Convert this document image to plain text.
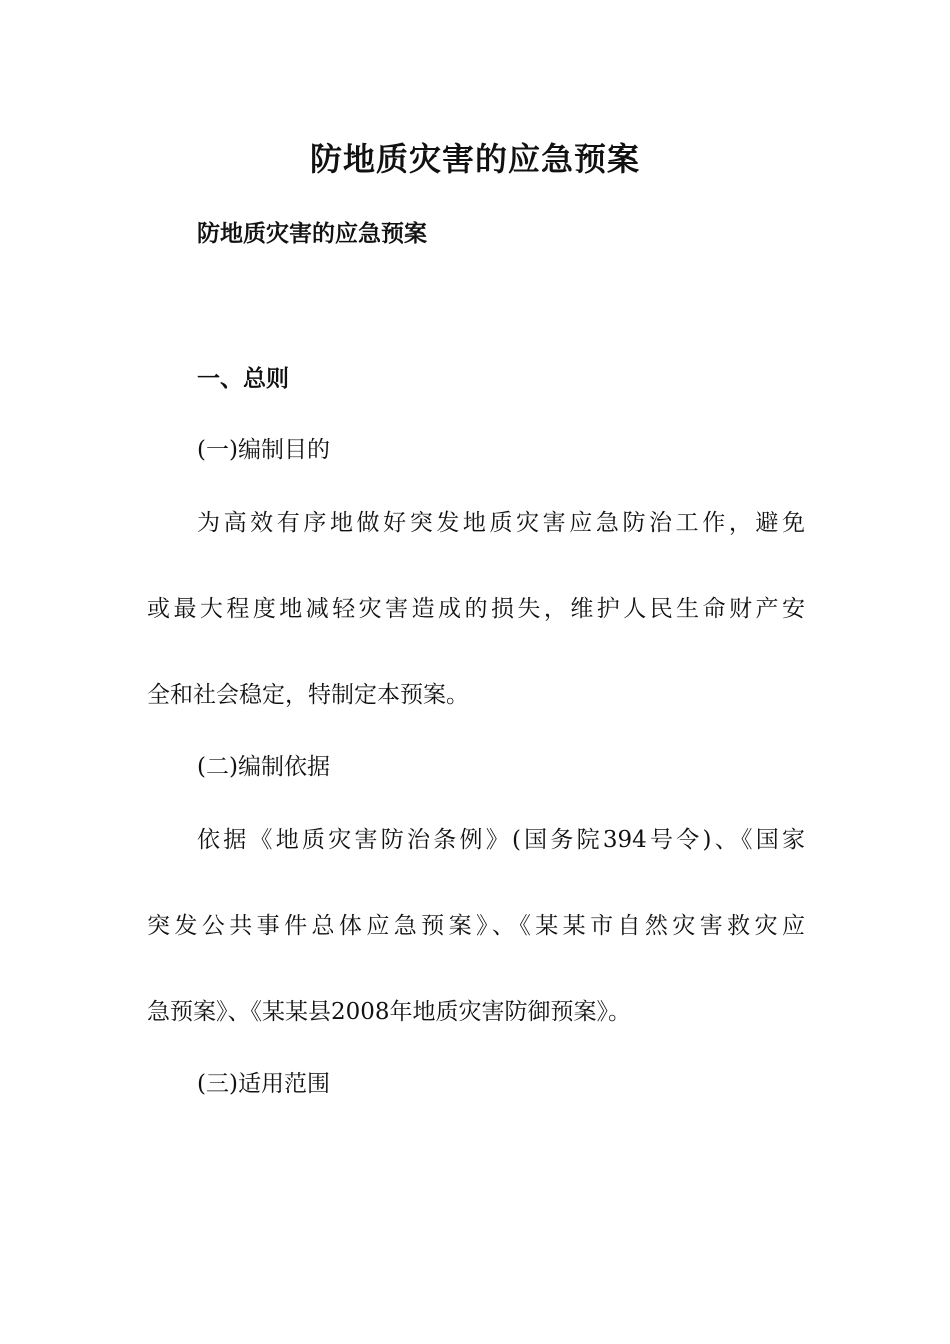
防地质灾害的应急预案
防地质灾害的应急预案
一、总则
(一)编制目的
为高效有序地做好突发地质灾害应急防治工作，避免
或最大程度地减轻灾害造成的损失，维护人民生命财产安
全和社会稳定，特制定本预案。
(二)编制依据
依据《地质灾害防治条例》(国务院394号令)、《国家
突发公共事件总体应急预案》、《某某市自然灾害救灾应
急预案》、《某某县2008年地质灾害防御预案》。
(三)适用范围
